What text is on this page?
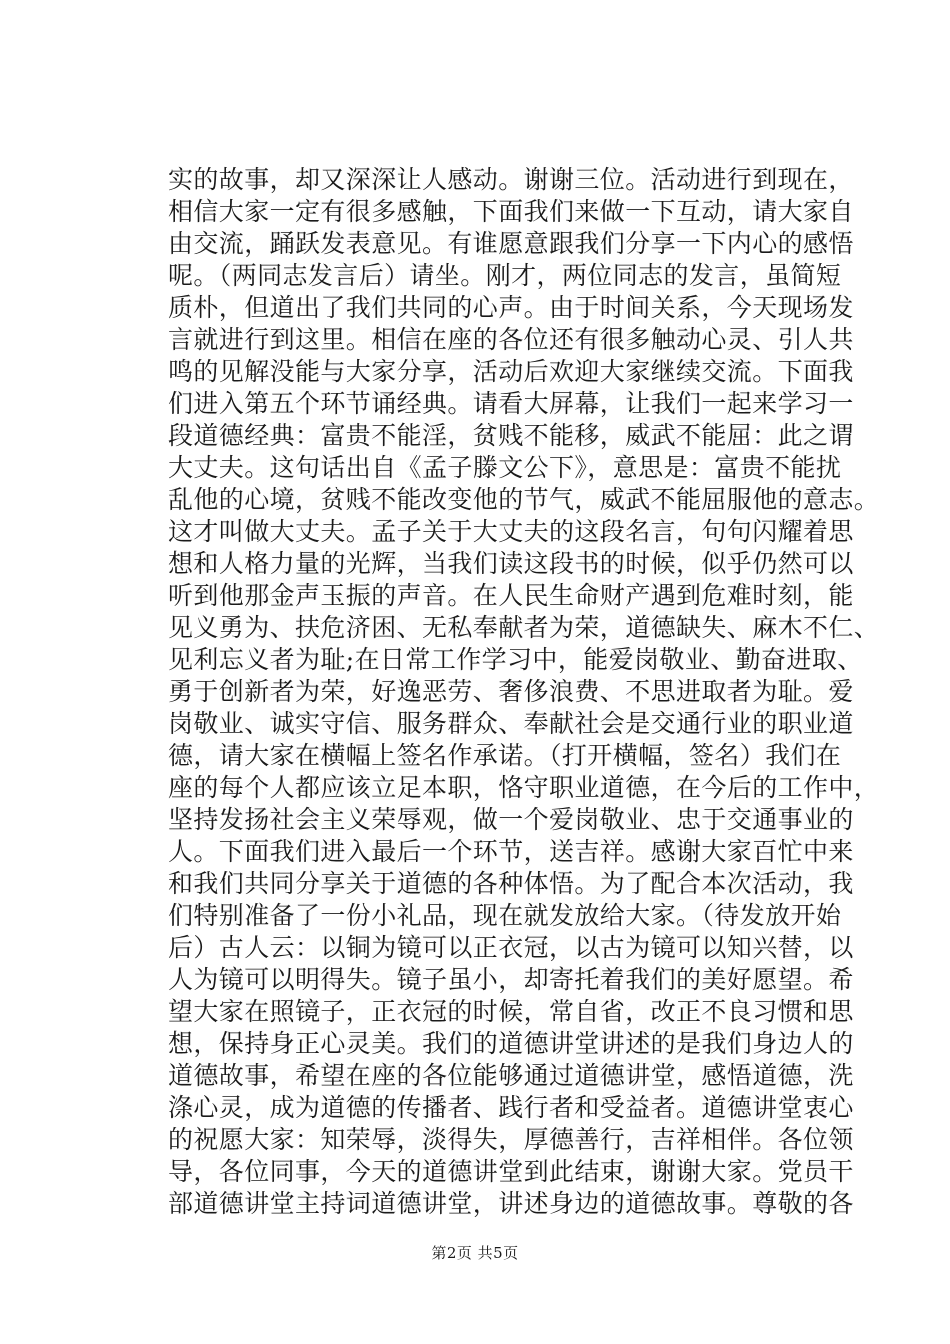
实的故事，却又深深让人感动。谢谢三位。活动进行到现在，
相信大家一定有很多感触，下面我们来做一下互动，请大家自
由交流，踊跃发表意见。有谁愿意跟我们分享一下内心的感悟
呢。（两同志发言后）请坐。刚才，两位同志的发言，虽简短
质朴，但道出了我们共同的心声。由于时间关系，今天现场发
言就进行到这里。相信在座的各位还有很多触动心灵、引人共
鸣的见解没能与大家分享，活动后欢迎大家继续交流。下面我
们进入第五个环节诵经典。请看大屏幕，让我们一起来学习一
段道德经典：富贵不能淫，贫贱不能移，威武不能屈：此之谓
大丈夫。这句话出自《孟子滕文公下》，意思是：富贵不能扰
乱他的心境，贫贱不能改变他的节气，威武不能屈服他的意志。
这才叫做大丈夫。孟子关于大丈夫的这段名言，句句闪耀着思
想和人格力量的光辉，当我们读这段书的时候，似乎仍然可以
听到他那金声玉振的声音。在人民生命财产遇到危难时刻，能
见义勇为、扶危济困、无私奉献者为荣，道德缺失、麻木不仁、
见利忘义者为耻;在日常工作学习中，能爱岗敬业、勤奋进取、
勇于创新者为荣，好逸恶劳、奢侈浪费、不思进取者为耻。爱
岗敬业、诚实守信、服务群众、奉献社会是交通行业的职业道
德，请大家在横幅上签名作承诺。（打开横幅，签名）我们在
座的每个人都应该立足本职，恪守职业道德，在今后的工作中，
坚持发扬社会主义荣辱观，做一个爱岗敬业、忠于交通事业的
人。下面我们进入最后一个环节，送吉祥。感谢大家百忙中来
和我们共同分享关于道德的各种体悟。为了配合本次活动，我
们特别准备了一份小礼品，现在就发放给大家。（待发放开始
后）古人云：以铜为镜可以正衣冠，以古为镜可以知兴替，以
人为镜可以明得失。镜子虽小，却寄托着我们的美好愿望。希
望大家在照镜子，正衣冠的时候，常自省，改正不良习惯和思
想，保持身正心灵美。我们的道德讲堂讲述的是我们身边人的
道德故事，希望在座的各位能够通过道德讲堂，感悟道德，洗
涤心灵，成为道德的传播者、践行者和受益者。道德讲堂衷心
的祝愿大家：知荣辱，淡得失，厚德善行，吉祥相伴。各位领
导，各位同事，今天的道德讲堂到此结束，谢谢大家。党员干
部道德讲堂主持词道德讲堂，讲述身边的道德故事。尊敬的各
第2页 共5页
